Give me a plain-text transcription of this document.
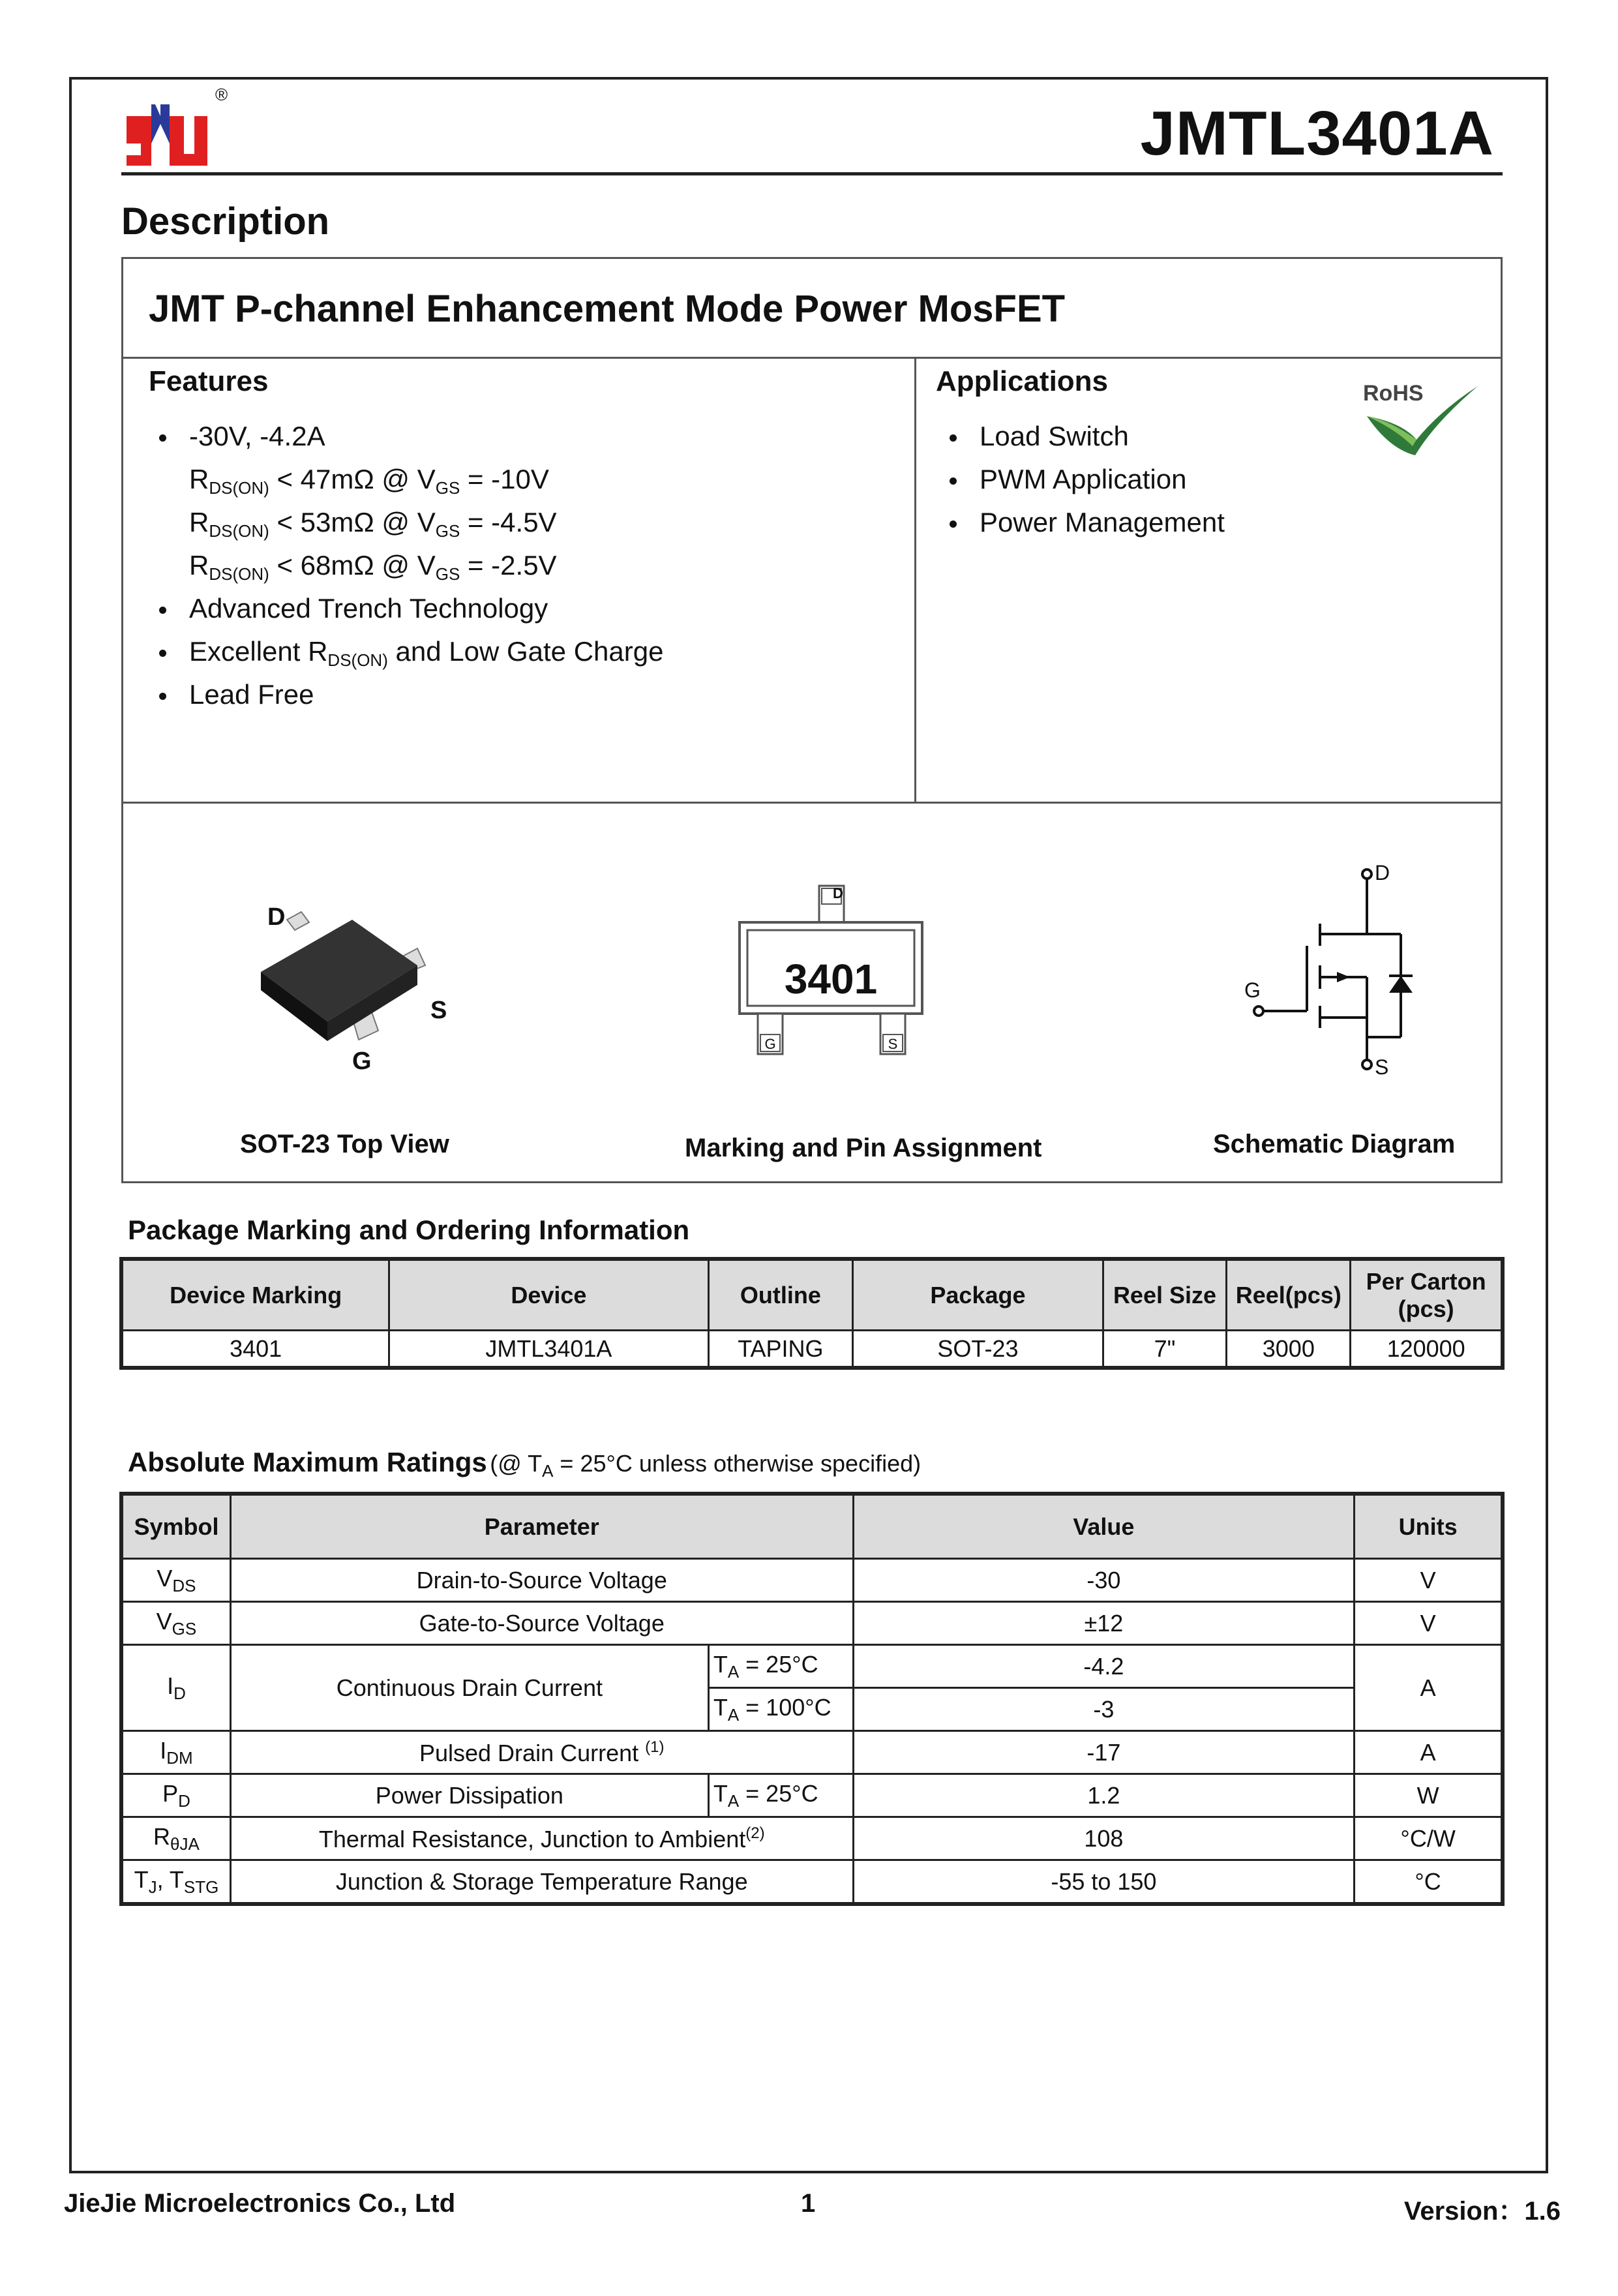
®
JMTL3401A
Description
JMT P-channel Enhancement Mode Power MosFET
Features
-30V, -4.2A
$R_{DS(ON)} < 47m\Omega$ @ $V_{GS} = -10V$
$R_{DS(ON)} < 53m\Omega$ @ $V_{GS} = -4.5V$
$R_{DS(ON)} < 68m\Omega$ @ $V_{GS} = -2.5V$
Advanced Trench Technology
Excellent $R_{DS(ON)}$ and Low Gate Charge
Lead Free
Applications
Load Switch
PWM Application
Power Management
RoHS
D
S
G
SOT-23 Top View
D
G	S
3401
Marking and Pin Assignment
D
S
G
Schematic Diagram
Package Marking and Ordering Information
Device Marking	Device	Outline	Package	Reel Size	Reel(pcs)	Per Carton (pcs)
3401	JMTL3401A	TAPING	SOT-23	7"	3000	120000
Absolute Maximum Ratings (@ $T_A = 25^\circ C$ unless otherwise specified)
Symbol	Parameter		Value	Units
$V_{DS}$	Drain-to-Source Voltage		-30	V
$V_{GS}$	Gate-to-Source Voltage		±12	V
$I_D$	Continuous Drain Current	$T_A = 25^\circ C$	-4.2	A
		$T_A = 100^\circ C$	-3	
$I_{DM}$	Pulsed Drain Current $^{(1)}$		-17	A
$P_D$	Power Dissipation	$T_A = 25^\circ C$	1.2	W
$R_{\theta JA}$	Thermal Resistance, Junction to Ambient$^{(2)}$		108	°C/W
$T_J$, $T_{STG}$	Junction & Storage Temperature Range		-55 to 150	°C
JieJie Microelectronics Co., Ltd	1	Version：1.6
